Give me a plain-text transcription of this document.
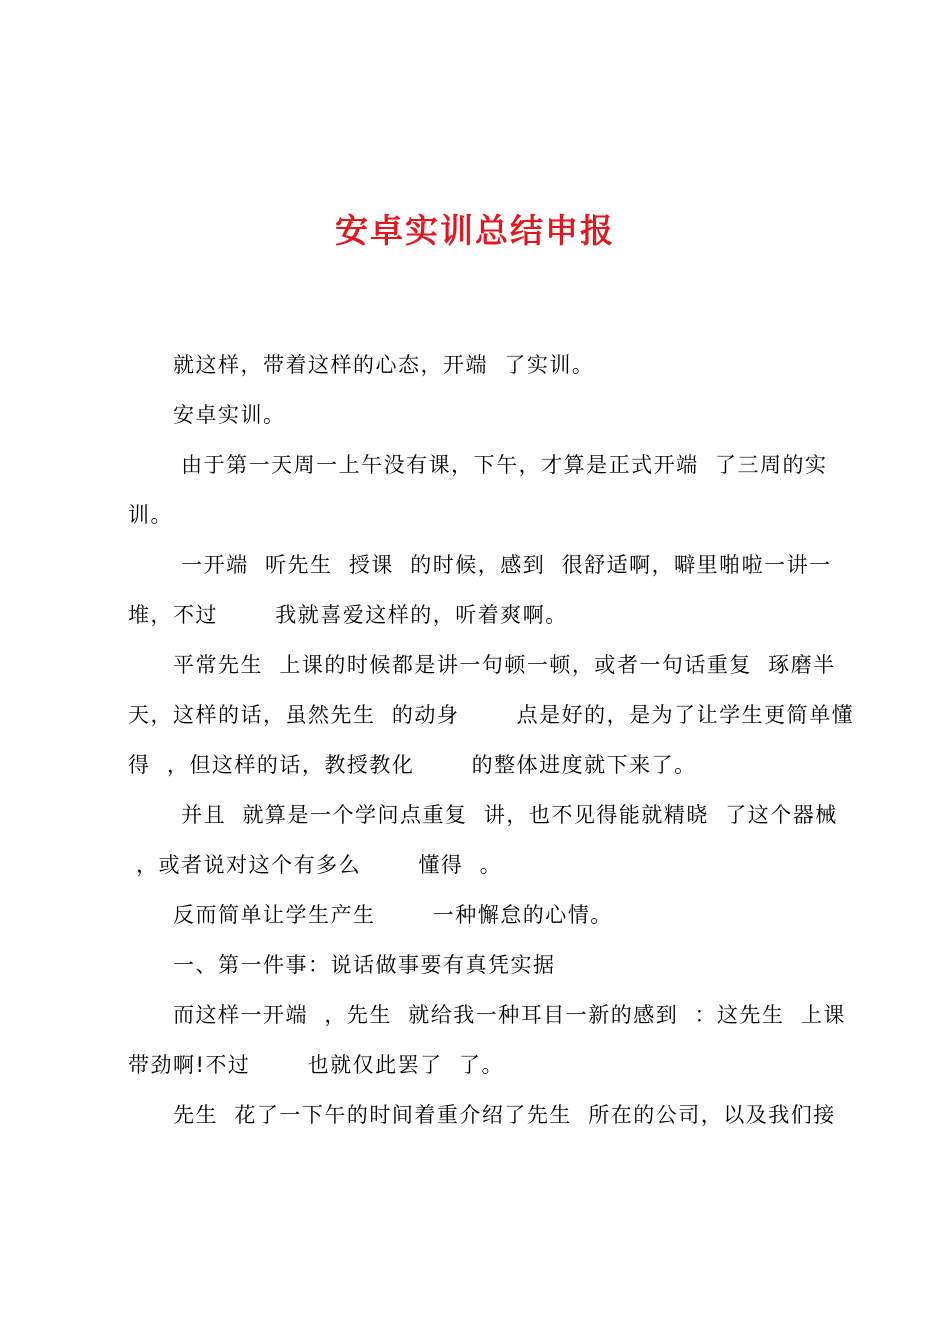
安卓实训总结申报
就这样，带着这样的心态，开端  了实训。
安卓实训。
由于第一天周一上午没有课，下午，才算是正式开端  了三周的实
训。
一开端  听先生  授课  的时候，感到  很舒适啊，噼里啪啦一讲一
堆，不过       我就喜爱这样的，听着爽啊。
平常先生  上课的时候都是讲一句顿一顿，或者一句话重复  琢磨半
天，这样的话，虽然先生  的动身       点是好的，是为了让学生更简单懂
得  ，但这样的话，教授教化       的整体进度就下来了。
并且  就算是一个学问点重复  讲，也不见得能就精晓  了这个器械
，或者说对这个有多么       懂得  。
反而简单让学生产生       一种懈怠的心情。
一、第一件事：说话做事要有真凭实据
而这样一开端  ，先生  就给我一种耳目一新的感到  ：这先生  上课
带劲啊!不过       也就仅此罢了  了。
先生  花了一下午的时间着重介绍了先生  所在的公司，以及我们接
